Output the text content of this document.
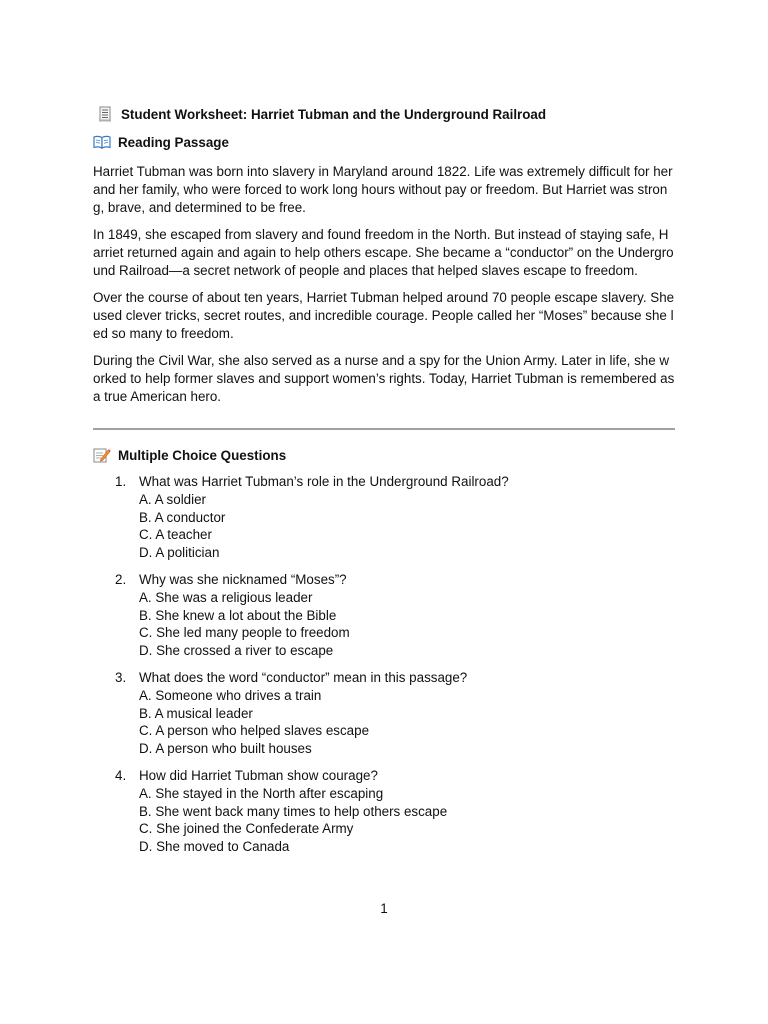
Student Worksheet: Harriet Tubman and the Underground Railroad
Reading Passage

Harriet Tubman was born into slavery in Maryland around 1822. Life was extremely difficult for her and her family, who were forced to work long hours without pay or freedom. But Harriet was strong, brave, and determined to be free.

In 1849, she escaped from slavery and found freedom in the North. But instead of staying safe, Harriet returned again and again to help others escape. She became a “conductor” on the Underground Railroad—a secret network of people and places that helped slaves escape to freedom.

Over the course of about ten years, Harriet Tubman helped around 70 people escape slavery. She used clever tricks, secret routes, and incredible courage. People called her “Moses” because she led so many to freedom.

During the Civil War, she also served as a nurse and a spy for the Union Army. Later in life, she worked to help former slaves and support women’s rights. Today, Harriet Tubman is remembered as a true American hero.

Multiple Choice Questions
1. What was Harriet Tubman’s role in the Underground Railroad?
A. A soldier
B. A conductor
C. A teacher
D. A politician
2. Why was she nicknamed “Moses”?
A. She was a religious leader
B. She knew a lot about the Bible
C. She led many people to freedom
D. She crossed a river to escape
3. What does the word “conductor” mean in this passage?
A. Someone who drives a train
B. A musical leader
C. A person who helped slaves escape
D. A person who built houses
4. How did Harriet Tubman show courage?
A. She stayed in the North after escaping
B. She went back many times to help others escape
C. She joined the Confederate Army
D. She moved to Canada
1
